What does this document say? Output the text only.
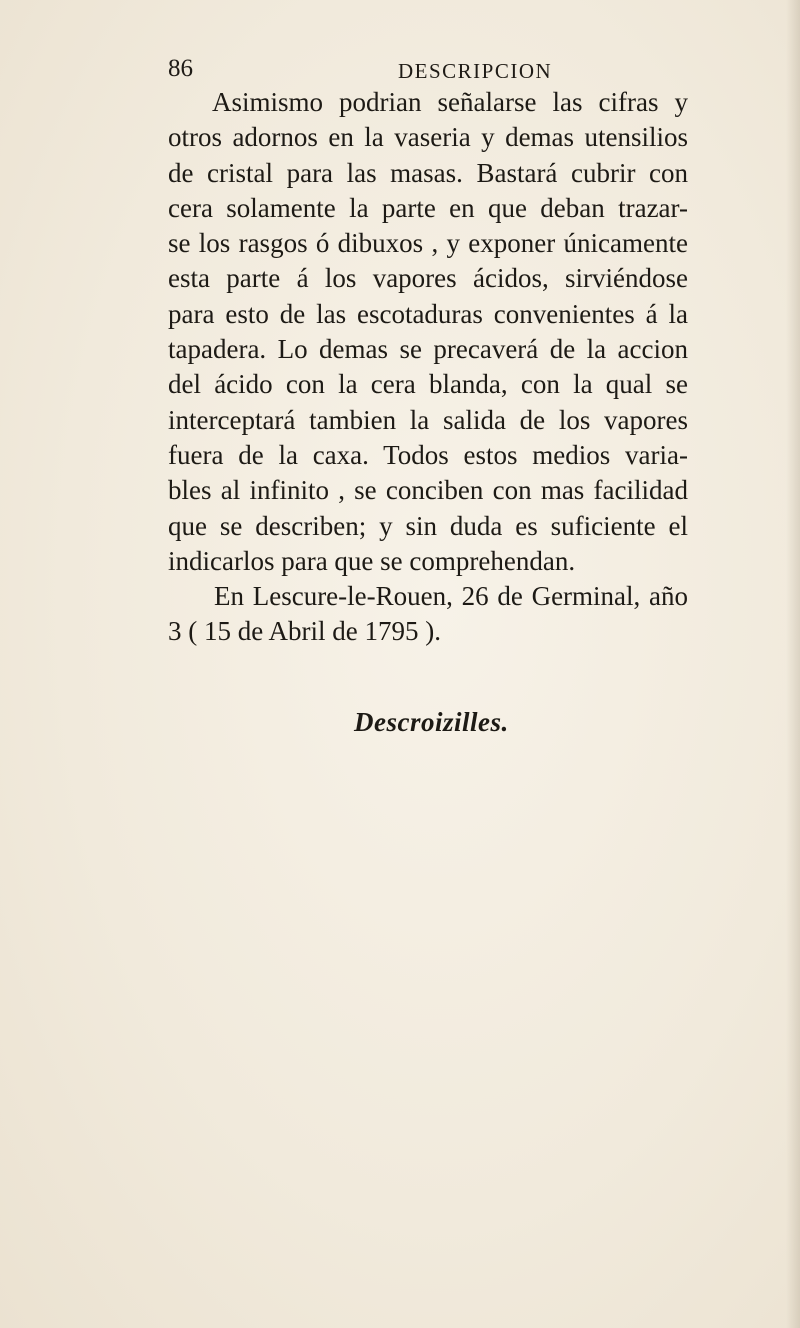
86	DESCRIPCION
Asimismo podrian señalarse las cifras y
otros adornos en la vaseria y demas utensilios
de cristal para las masas. Bastará cubrir con
cera solamente la parte en que deban trazar-
se los rasgos ó dibuxos , y exponer únicamente
esta parte á los vapores ácidos, sirviéndose
para esto de las escotaduras convenientes á la
tapadera. Lo demas se precaverá de la accion
del ácido con la cera blanda, con la qual se
interceptará tambien la salida de los vapores
fuera de la caxa. Todos estos medios varia-
bles al infinito , se conciben con mas facilidad
que se describen; y sin duda es suficiente el
indicarlos para que se comprehendan.
En Lescure-le-Rouen, 26 de Germinal, año
3 ( 15 de Abril de 1795 ).
Descroizilles.
